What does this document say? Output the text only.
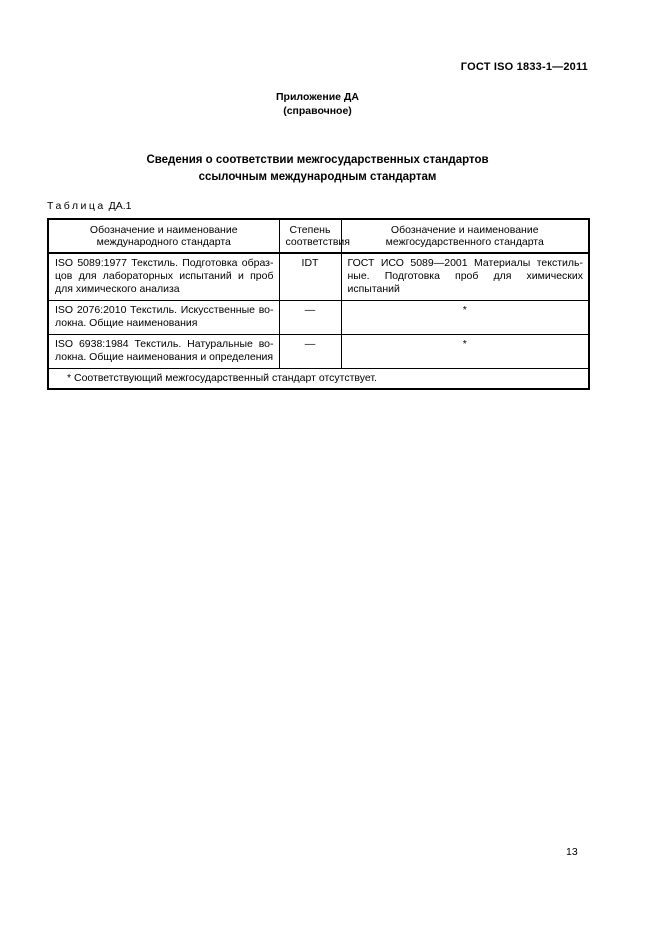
ГОСТ ISO 1833-1—2011
Приложение ДА
(справочное)
Сведения о соответствии межгосударственных стандартов
ссылочным международным стандартам
Таблица ДА.1
Обозначение и наименование международного стандарта	Степень соответствия	Обозначение и наименование межгосударственного стандарта
ISO 5089:1977 Текстиль. Подготовка образцов для лабораторных испытаний и проб для химического анализа	IDT	ГОСТ ИСО 5089—2001 Материалы текстильные. Подготовка проб для химических испытаний
ISO 2076:2010 Текстиль. Искусственные волокна. Общие наименования	—	*
ISO 6938:1984 Текстиль. Натуральные волокна. Общие наименования и определения	—	*
* Соответствующий межгосударственный стандарт отсутствует.		
13
